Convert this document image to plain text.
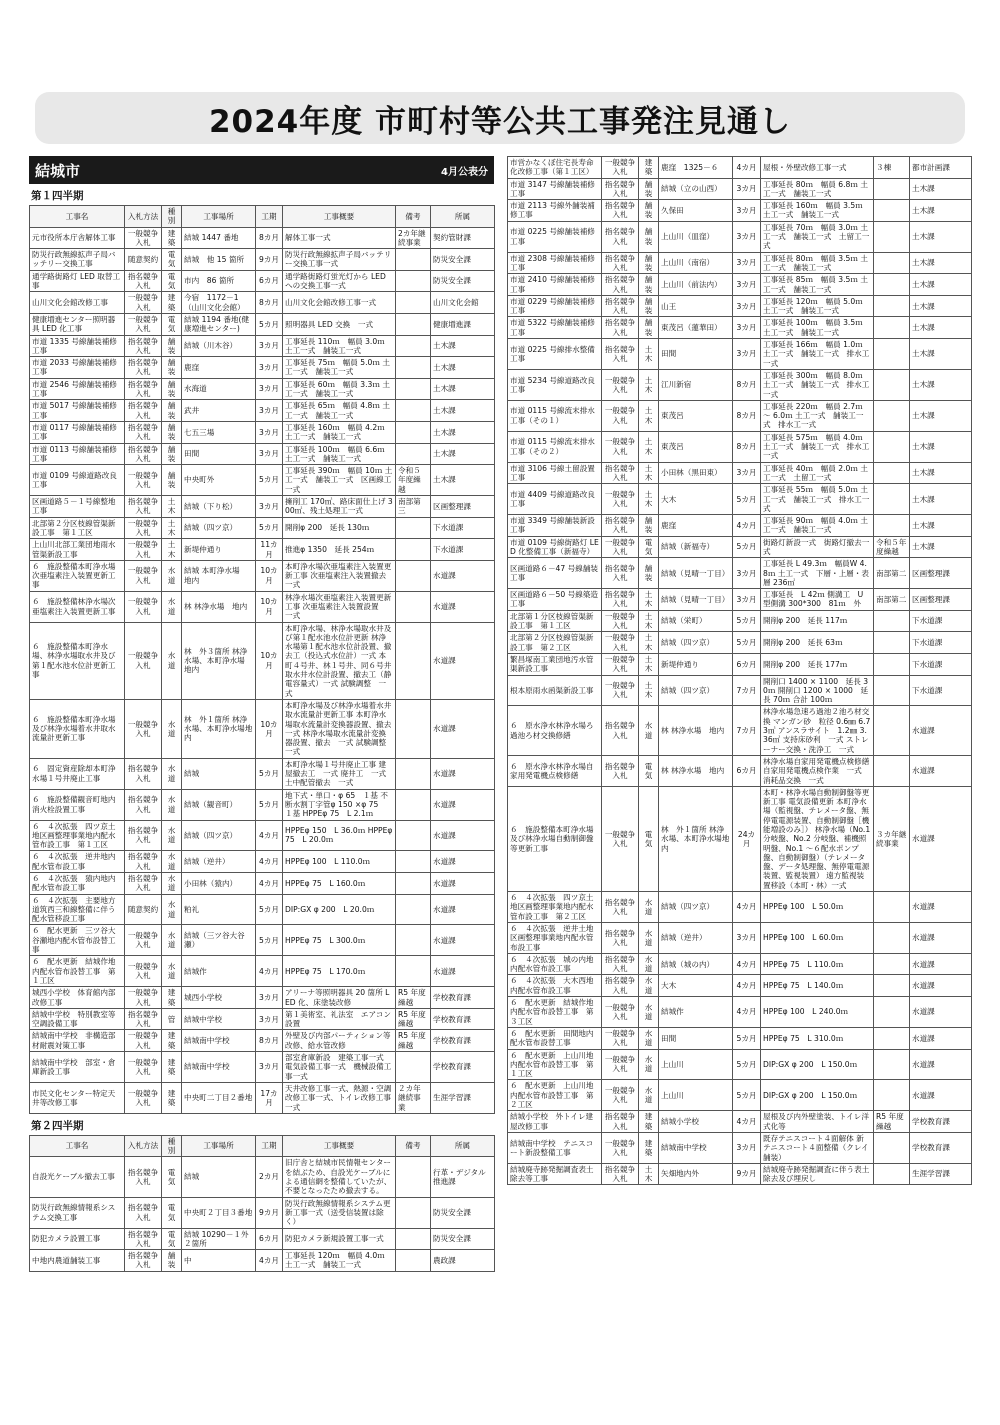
2024年度 市町村等公共工事発注見通し
結城市	4月公表分
第１四半期
工事名	入札方法	種別	工事場所	工期	工事概要	備考	所属
元市役所本庁舎解体工事	一般競争入札	建築	結城 1447 番地	8カ月	解体工事一式	2カ年継続事業	契約管財課
防災行政無線拡声子局バッテリー交換工事	随意契約	電気	結城　他 15 箇所	9カ月	防災行政無線拡声子局バッテリー交換工事一式		防災安全課
通学路街路灯 LED 取替工事	指名競争入札	電気	市内　86 箇所	6カ月	通学路街路灯蛍光灯から LED への交換工事一式		防災安全課
山川文化会館改修工事	一般競争入札	建築	今宿　1172－1（山川文化会館）	8カ月	山川文化会館改修工事一式		山川文化会館
健康増進センター照明器具 LED 化工事	一般競争入札	電気	結城 1194 番地(健康増進センター)	5カ月	照明器具 LED 交換　一式		健康増進課
市道 1335 号線舗装補修工事	指名競争入札	舗装	結城（川木谷）	3カ月	工事延長 110ｍ　幅員 3.0ｍ 土工一式　舗装工一式		土木課
市道 2033 号線舗装補修工事	指名競争入札	舗装	鹿窪	3カ月	工事延長 75ｍ　幅員 5.0ｍ 土工一式　舗装工一式		土木課
市道 2546 号線舗装補修工事	指名競争入札	舗装	水海道	3カ月	工事延長 60ｍ　幅員 3.3ｍ 土工一式　舗装工一式		土木課
市道 5017 号線舗装補修工事	指名競争入札	舗装	武井	3カ月	工事延長 65ｍ　幅員 4.8ｍ 土工一式　舗装工一式		土木課
市道 0117 号線舗装補修工事	指名競争入札	舗装	七五三場	3カ月	工事延長 160ｍ　幅員 4.2ｍ 土工一式　舗装工一式		土木課
市道 0113 号線舗装補修工事	指名競争入札	舗装	田間	3カ月	工事延長 100ｍ　幅員 6.6ｍ 土工一式　舗装工一式		土木課
市道 0109 号線道路改良工事	一般競争入札	舗装	中央町外	5カ月	工事延長 390ｍ　幅員 10ｍ 土工一式　舗装工一式　区画線工一式	令和５年度繰越	土木課
区画道路５－１号線整地工事	指名競争入札	土木	結城（下り松）	3カ月	擁削工 170㎥、路床面仕上げ 300㎡、残土処理工一式	南部第三	区画整理課
北部第２分区枝線管渠新設工事　第１工区	一般競争入札	土木	結城（四ツ京）	5カ月	開削φ 200　延長 130ｍ		下水道課
上山川北部工業団地雨水管渠新設工事	一般競争入札	土木	新堤仲通り	11カ月	推進φ 1350　延長 254ｍ		下水道課
６　施設整備本町浄水場次亜塩素注入装置更新工事	一般競争入札	水道	結城 本町浄水場　地内	10カ月	本町浄水場次亜塩素注入装置更新工事 次亜塩素注入装置撤去　一式		水道課
６　施設整備林浄水場次亜塩素注入装置更新工事	一般競争入札	水道	林 林浄水場　地内	10カ月	林浄水場次亜塩素注入装置更新工事 次亜塩素注入装置設置　一式		水道課
６　施設整備本町浄水場、林浄水場取水井及び第１配水池水位計更新工事	一般競争入札	水道	林　外３箇所 林浄水場、本町浄水場　地内	10カ月	本町浄水場、林浄水場取水井及び第１配水池水位計更新 林浄水場第１配水池水位計設置、撤去工（投込式水位計）一式 本町４号井、林１号井、同６号井取水井水位計設置、撤去工（静電容量式）一式 試験調整　一式		水道課
６　施設整備本町浄水場及び林浄水場着水井取水流量計更新工事	一般競争入札	水道	林　外１箇所 林浄水場、本町浄水場地内	10カ月	本町浄水場及び林浄水場着水井取水流量計更新工事 本町浄水場取水流量計変換器設置、撤去　一式 林浄水場取水流量計変換器設置、撤去　一式 試験調整　一式		水道課
６　固定資産除却本町浄水場１号井廃止工事	指名競争入札	水道	結城	5カ月	本町浄水場１号井廃止工事 建屋撤去工　一式 廃井工　一式 土中配管撤去　一式		水道課
６　施設整備観音町地内消火栓設置工事	指名競争入札	水道	結城（観音町）	5カ月	地下式・単口・φ 65　１基 不断水割丁字管φ 150 ×φ 75　１基 HPPEφ 75　L 2.1ｍ		水道課
６　４次拡張　四ツ京土地区画整理事業地内配水管布設工事　第１工区	指名競争入札	水道	結城（四ツ京）	4カ月	HPPEφ 150　L 36.0ｍ HPPEφ　75　L 20.0ｍ		水道課
６　４次拡張　逆井地内配水管布設工事	指名競争入札	水道	結城（逆井）	4カ月	HPPEφ 100　L 110.0ｍ		水道課
６　４次拡張　猿内地内配水管布設工事	指名競争入札	水道	小田林（猿内）	4カ月	HPPEφ 75　L 160.0ｍ		水道課
６　４次拡張　主要地方道筑西三和線整備に伴う配水管移設工事	随意契約	水道	粕礼	5カ月	DIP:GX φ 200　L 20.0ｍ		水道課
６　配水更新　三ツ谷大谷瀬地内配水管布設替工事	一般競争入札	水道	結城（三ツ谷大谷瀬）	5カ月	HPPEφ 75　L 300.0ｍ		水道課
６　配水更新　結城作地内配水管布設替工事　第１工区	一般競争入札	水道	結城作	4カ月	HPPEφ 75　L 170.0ｍ		水道課
城西小学校　体育館内部改修工事	一般競争入札	建築	城西小学校	3カ月	アリーナ等照明器具 20 箇所 LED 化、床塗装改修	R5 年度繰越	学校教育課
結城中学校　特別教室等空調設備工事	指名競争入札	管	結城中学校	3カ月	第１美術室、礼法室　エアコン設置	R5 年度繰越	学校教育課
結城南中学校　非構造部材耐震対策工事	一般競争入札	建築	結城南中学校	8カ月	外壁及び内部パーティション等改修、給水管改修	R5 年度繰越	学校教育課
結城南中学校　部室・倉庫新設工事	一般競争入札	建築	結城南中学校	3カ月	部室倉庫新設　建築工事一式 電気設備工事一式　機械設備工事一式		学校教育課
市民文化センター特定天井等改修工事	一般競争入札	建築	中央町二丁目２番地	17カ月	天井改修工事一式、熱源・空調改修工事一式、トイレ改修工事一式	２カ年継続事業	生涯学習課
第２四半期
工事名	入札方法	種別	工事場所	工期	工事概要	備考	所属
自設光ケーブル撤去工事	指名競争入札	電気	結城	2カ月	旧庁舎と結城市民情報センターを結ぶため、自設光ケーブルによる通信網を整備していたが、不要となったため撤去する。		行革・デジタル推進課
防災行政無線情報系システム交換工事	指名競争入札	電気	中央町２丁目３番地	9カ月	防災行政無線情報系システム更新工事一式（送受信装置は除く）		防災安全課
防犯カメラ設置工事	指名競争入札	電気	結城 10290－１外２箇所	6カ月	防犯カメラ新規設置工事一式		防災安全課
中地内農道舗装工事	指名競争入札	舗装	中	4カ月	工事延長 120ｍ　幅員 4.0ｍ 土工一式　舗装工一式		農政課
市営かなくぼ住宅長寿命化改修工事（第１工区）	一般競争入札	建築	鹿窪　1325－６	4カ月	屋根・外壁改修工事一式	３棟	都市計画課
市道 3147 号線舗装補修工事	指名競争入札	舗装	結城（立の山西）	3カ月	工事延長 80ｍ　幅員 6.8ｍ 土工一式　舗装工一式		土木課
市道 2113 号線外舗装補修工事	指名競争入札	舗装	久保田	3カ月	工事延長 160ｍ　幅員 3.5ｍ 土工一式　舗装工一式		土木課
市道 0225 号線舗装補修工事	指名競争入札	舗装	上山川（皿窪）	3カ月	工事延長 70ｍ　幅員 3.0ｍ 土工一式　舗装工一式　土留工一式		土木課
市道 2308 号線舗装補修工事	指名競争入札	舗装	上山川（南宿）	3カ月	工事延長 80ｍ　幅員 3.5ｍ 土工一式　舗装工一式		土木課
市道 2410 号線舗装補修工事	指名競争入札	舗装	上山川（前法内）	3カ月	工事延長 85ｍ　幅員 3.5ｍ 土工一式　舗装工一式		土木課
市道 0229 号線舗装補修工事	指名競争入札	舗装	山王	3カ月	工事延長 120ｍ　幅員 5.0ｍ 土工一式　舗装工一式		土木課
市道 5322 号線舗装補修工事	指名競争入札	舗装	東茂呂（蓮華田）	3カ月	工事延長 100ｍ　幅員 3.5ｍ 土工一式　舗装工一式		土木課
市道 0225 号線排水整備工事	指名競争入札	土木	田間	3カ月	工事延長 166ｍ　幅員 1.0ｍ 土工一式　舗装工一式　排水工一式		土木課
市道 5234 号線道路改良工事	一般競争入札	土木	江川新宿	8カ月	工事延長 300ｍ　幅員 8.0ｍ 土工一式　舗装工一式　排水工一式		土木課
市道 0115 号線流末排水工事（その１）	一般競争入札	土木	東茂呂	8カ月	工事延長 220ｍ　幅員 2.7ｍ ～ 6.0ｍ 土工一式　舗装工一式　排水工一式		土木課
市道 0115 号線流末排水工事（その２）	一般競争入札	土木	東茂呂	8カ月	工事延長 575ｍ　幅員 4.0ｍ 土工一式　舗装工一式　排水工一式		土木課
市道 3106 号線土留設置工事	指名競争入札	土木	小田林（黒田東）	3カ月	工事延長 40ｍ　幅員 2.0ｍ 土工一式　土留工一式		土木課
市道 4409 号線道路改良工事	一般競争入札	土木	大木	5カ月	工事延長 55ｍ　幅員 5.0ｍ 土工一式　舗装工一式　排水工一式		土木課
市道 3349 号線舗装新設工事	指名競争入札	舗装	鹿窪	4カ月	工事延長 90ｍ　幅員 4.0ｍ 土工一式　舗装工一式		土木課
市道 0109 号線街路灯 LED 化整備工事（新福寺）	一般競争入札	電気	結城（新福寺）	5カ月	街路灯新設一式　街路灯撤去一式	令和５年度繰越	土木課
区画道路６－47 号線舗装工事	指名競争入札	舗装	結城（見晴一丁目）	3カ月	工事延長 L 49.3ｍ　幅員W 4.8ｍ 土工一式　下層・上層・表層 236㎡	南部第二	区画整理課
区画道路６－50 号線築造工事	指名競争入札	土木	結城（見晴一丁目）	3カ月	工事延長　L 42ｍ 側溝工　U 型側溝 300*300　81ｍ　外	南部第二	区画整理課
北部第１分区枝線管渠新設工事　第１工区	一般競争入札	土木	結城（栄町）	5カ月	開削φ 200　延長 117ｍ		下水道課
北部第２分区枝線管渠新設工事　第２工区	一般競争入札	土木	結城（四ツ京）	5カ月	開削φ 200　延長 63ｍ		下水道課
繁昌塚南工業団地汚水管渠新設工事	一般競争入札	土木	新堤仲通り	6カ月	開削φ 200　延長 177ｍ		下水道課
根本原雨水函渠新設工事	一般競争入札	土木	結城（四ツ京）	7カ月	開削口 1400 × 1100　延長 30ｍ 開削口 1200 × 1000　延長 70ｍ 合計 100ｍ		下水道課
６　原水浄水林浄水場ろ過池ろ材交換修繕	指名競争入札	水道	林 林浄水場　地内	7カ月	林浄水場急速ろ過池２池ろ材交換 マンガン砂　粒径 0.6㎜ 6.73㎥ アンスラサイト　1.2㎜ 3.36㎥ 支持床砂利　一式 ストレーナー交換・洗浄工　一式		水道課
６　原水浄水林浄水場自家用発電機点検修繕	指名競争入札	電気	林 林浄水場　地内	6カ月	林浄水場自家用発電機点検修繕 自家用発電機点検作業　一式 消耗品交換　一式		水道課
６　施設整備本町浄水場及び林浄水場自動制御盤等更新工事	一般競争入札	電気	林　外１箇所 林浄水場、本町浄水場地内	24カ月	本町・林浄水場自動制御盤等更新工事 電気設備更新 本町浄水場（監視盤、テレメータ盤、無停電電源装置、自動制御盤［機能増設のみ］） 林浄水場（No.1 分岐盤、No.2 分岐盤、補機照明盤、No.1 ～６配水ポンプ盤、自動制御盤）（テレメータ盤、データ処理盤、無停電電源装置、監視装置） 遠方監視装置移設（本町・林）一式	３カ年継続事業	水道課
６　４次拡張　四ツ京土地区画整理事業地内配水管布設工事　第２工区	指名競争入札	水道	結城（四ツ京）	4カ月	HPPEφ 100　L 50.0ｍ		水道課
６　４次拡張　逆井土地区画整理事業地内配水管布設工事	指名競争入札	水道	結城（逆井）	3カ月	HPPEφ 100　L 60.0ｍ		水道課
６　４次拡張　城の内地内配水管布設工事	指名競争入札	水道	結城（城の内）	4カ月	HPPEφ 75　L 110.0ｍ		水道課
６　４次拡張　大木西地内配水管布設工事	指名競争入札	水道	大木	4カ月	HPPEφ 75　L 140.0ｍ		水道課
６　配水更新　結城作地内配水管布設替工事　第３工区	一般競争入札	水道	結城作	4カ月	HPPEφ 100　L 240.0ｍ		水道課
６　配水更新　田間地内配水管布設替工事	一般競争入札	水道	田間	5カ月	HPPEφ 75　L 310.0ｍ		水道課
６　配水更新　上山川地内配水管布設替工事　第１工区	一般競争入札	水道	上山川	5カ月	DIP:GX φ 200　L 150.0ｍ		水道課
６　配水更新　上山川地内配水管布設替工事　第２工区	一般競争入札	水道	上山川	5カ月	DIP:GX φ 200　L 150.0ｍ		水道課
結城小学校　外トイレ建屋改修工事	指名競争入札	建築	結城小学校	4カ月	屋根及び内外壁塗装、トイレ洋式化等	R5 年度繰越	学校教育課
結城南中学校　テニスコート新設整備工事	一般競争入札	建築	結城南中学校	3カ月	既存テニスコート４面解体 新テニスコート４面整備（クレイ舗装）		学校教育課
結城廃寺跡発掘調査表土除去等工事	指名競争入札	土木	矢畑地内外	9カ月	結城廃寺跡発掘調査に伴う表土除去及び埋戻し		生涯学習課
